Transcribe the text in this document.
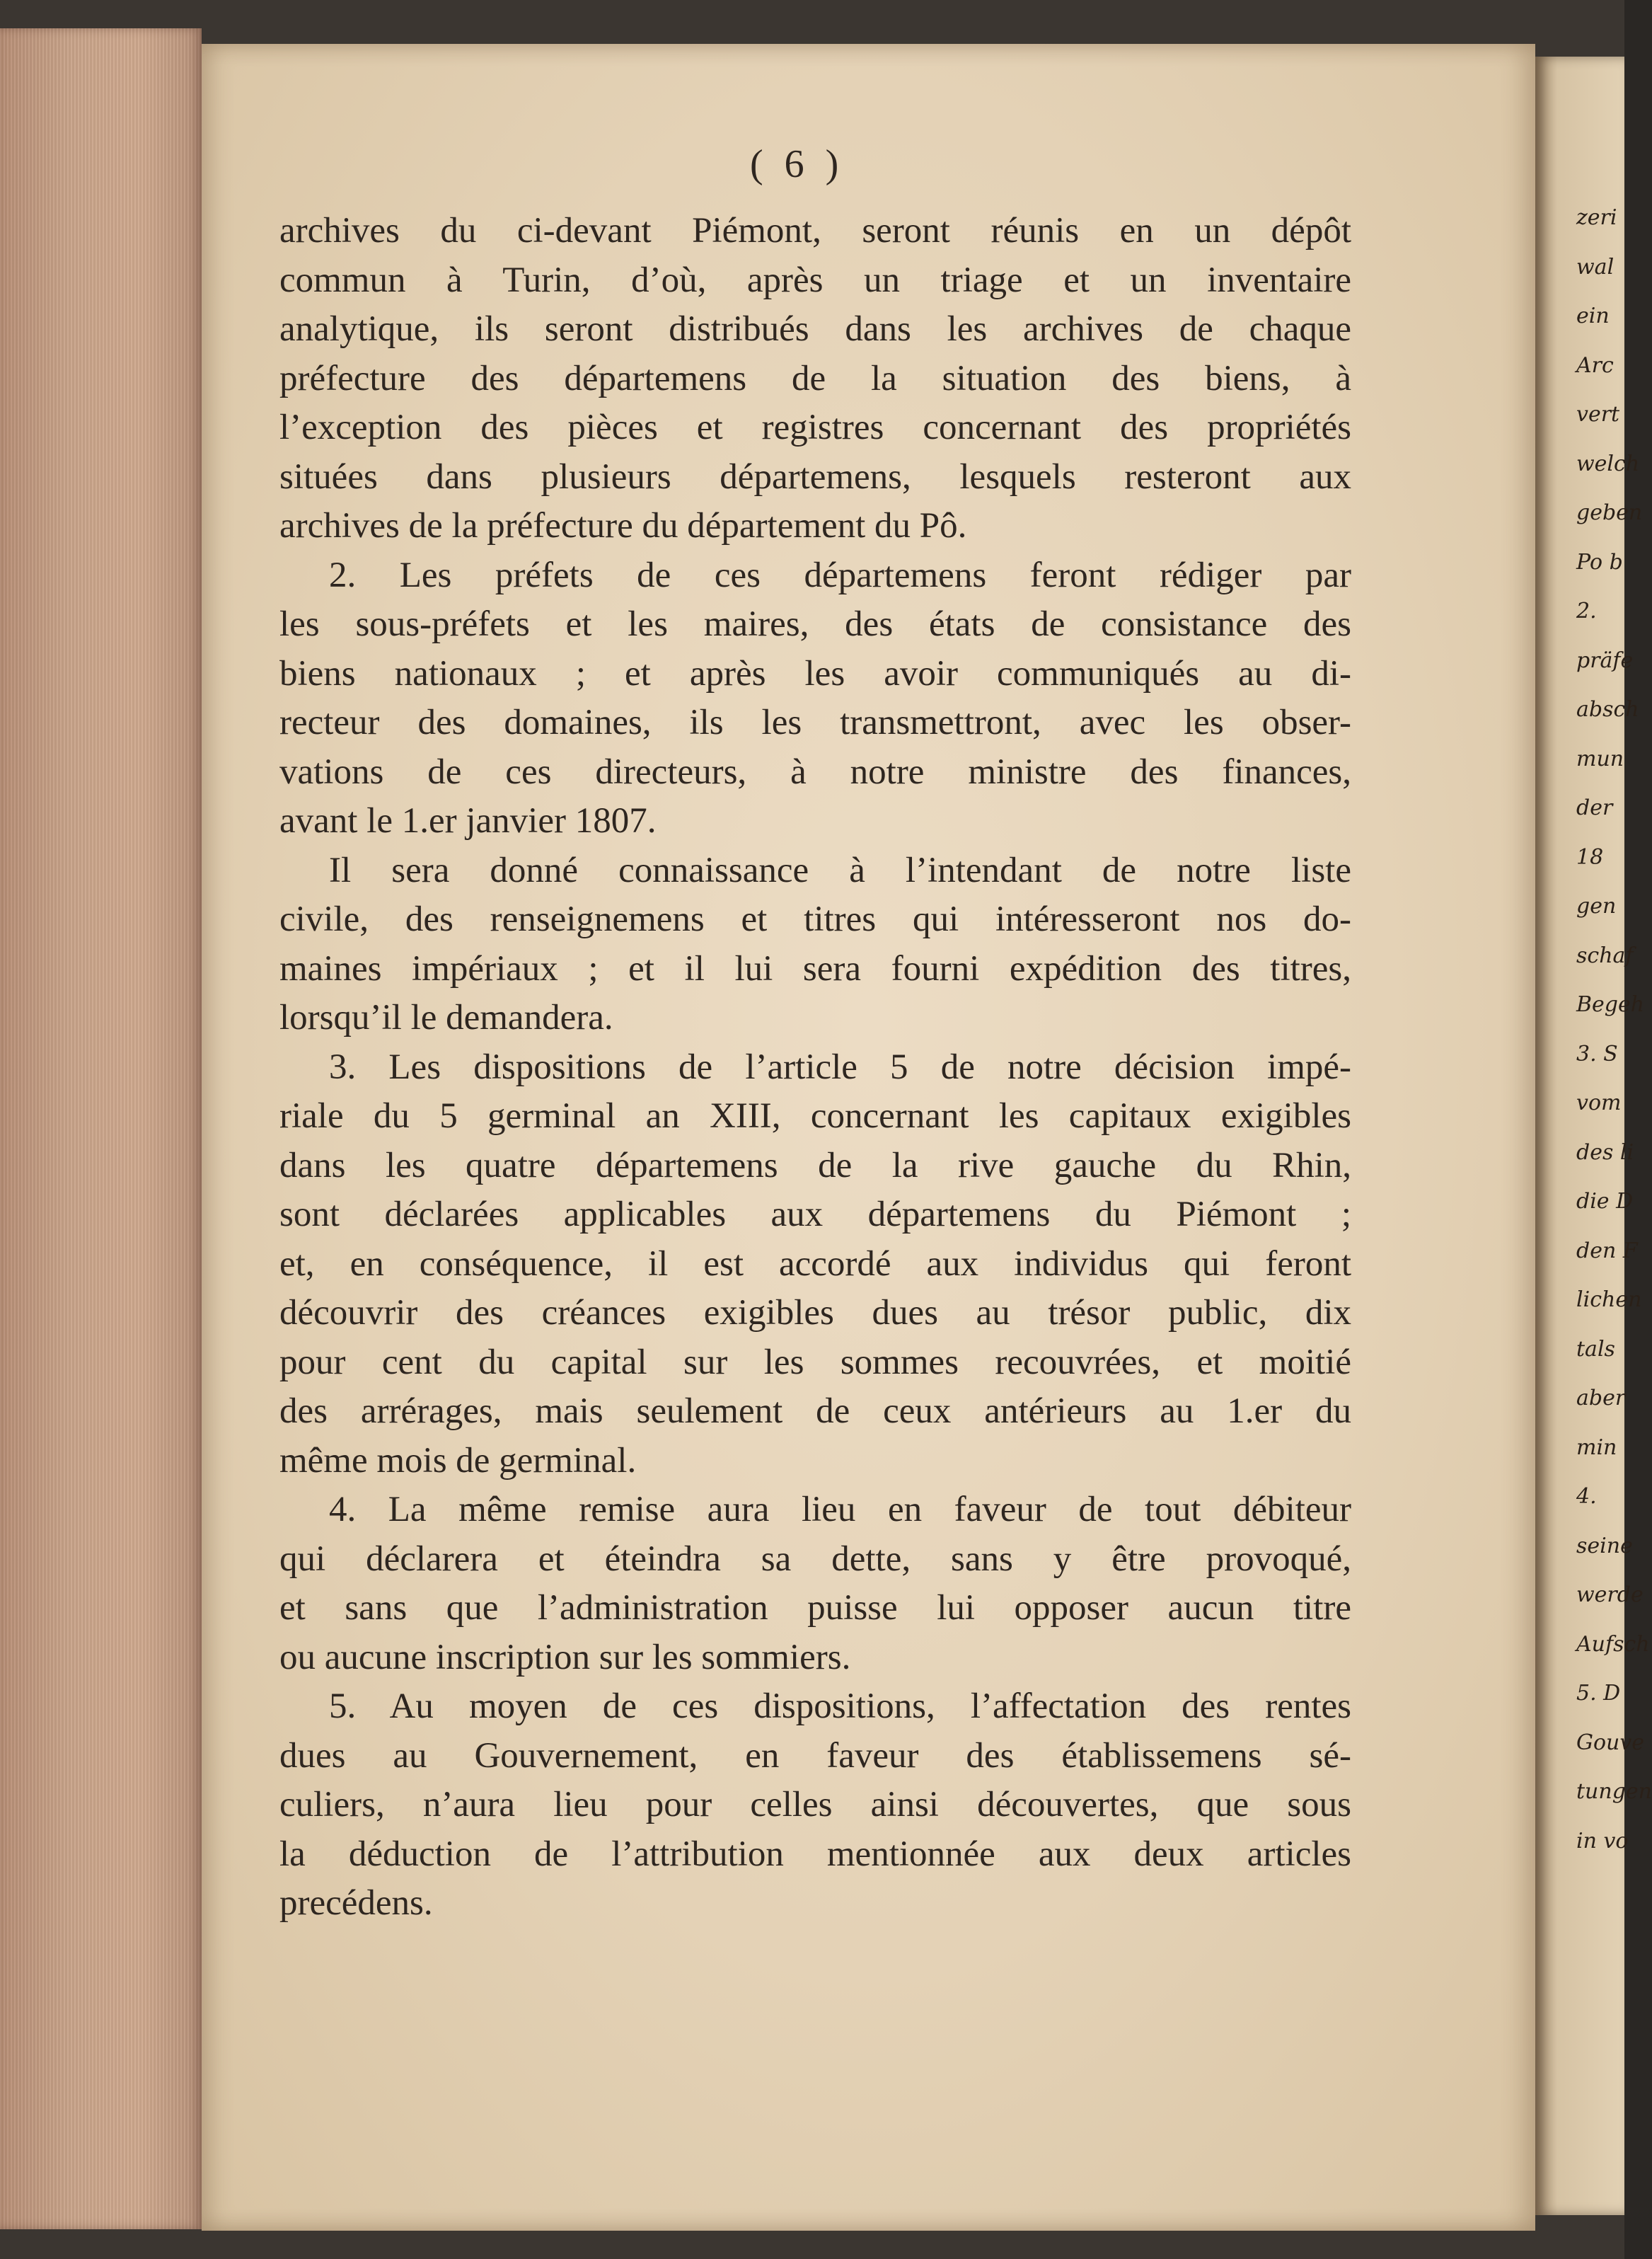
( 6 )
archives du ci-devant Piémont, seront réunis en un dépôt
commun à Turin, d’où, après un triage et un inventaire
analytique, ils seront distribués dans les archives de chaque
préfecture des départemens de la situation des biens, à
l’exception des pièces et registres concernant des propriétés
situées dans plusieurs départemens, lesquels resteront aux
archives de la préfecture du département du Pô.
2. Les préfets de ces départemens feront rédiger par
les sous-préfets et les maires, des états de consistance des
biens nationaux ; et après les avoir communiqués au di-
recteur des domaines, ils les transmettront, avec les obser-
vations de ces directeurs, à notre ministre des finances,
avant le 1.er janvier 1807.
Il sera donné connaissance à l’intendant de notre liste
civile, des renseignemens et titres qui intéresseront nos do-
maines impériaux ; et il lui sera fourni expédition des titres,
lorsqu’il le demandera.
3. Les dispositions de l’article 5 de notre décision impé-
riale du 5 germinal an XIII, concernant les capitaux exigibles
dans les quatre départemens de la rive gauche du Rhin,
sont déclarées applicables aux départemens du Piémont ;
et, en conséquence, il est accordé aux individus qui feront
découvrir des créances exigibles dues au trésor public, dix
pour cent du capital sur les sommes recouvrées, et moitié
des arrérages, mais seulement de ceux antérieurs au 1.er du
même mois de germinal.
4. La même remise aura lieu en faveur de tout débiteur
qui déclarera et éteindra sa dette, sans y être provoqué,
et sans que l’administration puisse lui opposer aucun titre
ou aucune inscription sur les sommiers.
5. Au moyen de ces dispositions, l’affectation des rentes
dues au Gouvernement, en faveur des établissemens sé-
culiers, n’aura lieu pour celles ainsi découvertes, que sous
la déduction de l’attribution mentionnée aux deux articles
precédens.
zeri
wal
ein
Arc
vert
welch
geben
Po b
2.
präfe
absch
mun
der
18
gen
schaf
Begeh
3. S
vom
des li
die D
den F
lichen
tals
aber
min
4.
seine
werde
Aufsch
5. D
Gouve
tungen
in vo
